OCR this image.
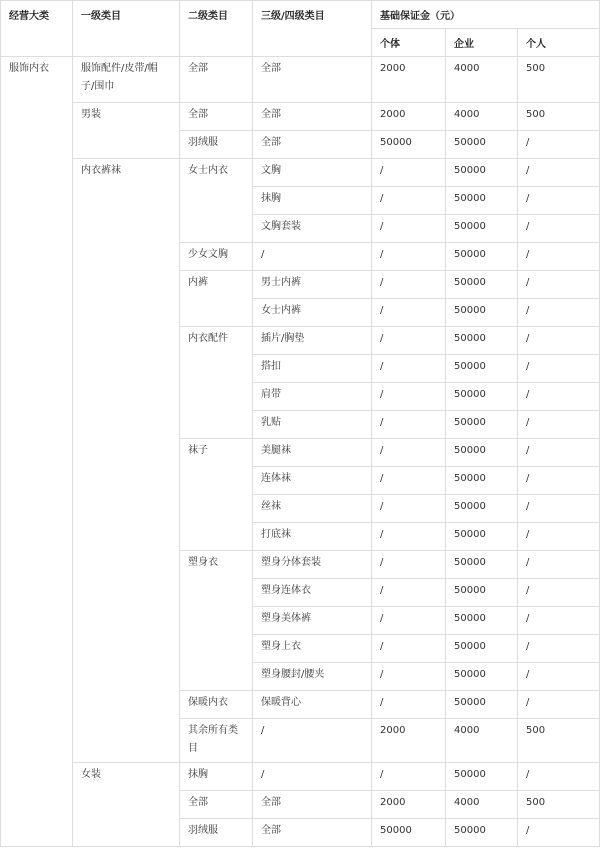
经营大类	一级类目	二级类目	三级/四级类目	基础保证金（元）		
				个体	企业	个人
服饰内衣	服饰配件/皮带/帽子/围巾	全部	全部	2000	4000	500
	男装	全部	全部	2000	4000	500
		羽绒服	全部	50000	50000	/
	内衣裤袜	女士内衣	文胸	/	50000	/
			抹胸	/	50000	/
			文胸套装	/	50000	/
		少女文胸	/	/	50000	/
		内裤	男士内裤	/	50000	/
			女士内裤	/	50000	/
		内衣配件	插片/胸垫	/	50000	/
			搭扣	/	50000	/
			肩带	/	50000	/
			乳贴	/	50000	/
		袜子	美腿袜	/	50000	/
			连体袜	/	50000	/
			丝袜	/	50000	/
			打底袜	/	50000	/
		塑身衣	塑身分体套装	/	50000	/
			塑身连体衣	/	50000	/
			塑身美体裤	/	50000	/
			塑身上衣	/	50000	/
			塑身腰封/腰夹	/	50000	/
		保暖内衣	保暖背心	/	50000	/
		其余所有类目	/	2000	4000	500
	女装	抹胸	/	/	50000	/
		全部	全部	2000	4000	500
		羽绒服	全部	50000	50000	/
